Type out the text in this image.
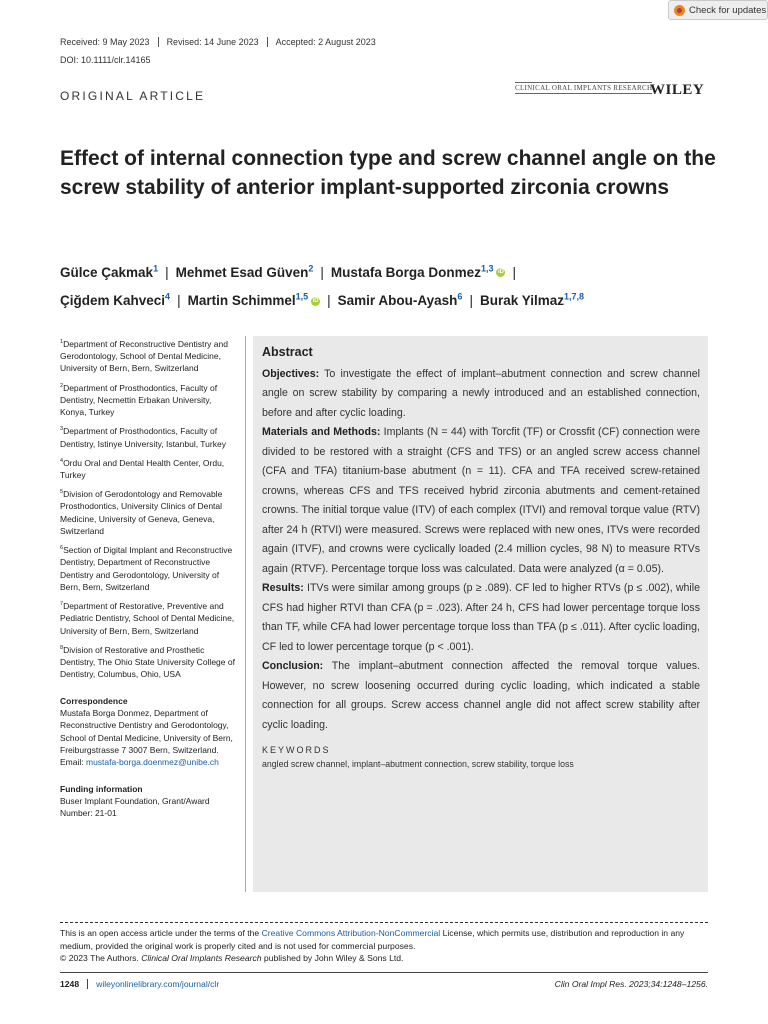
Check for updates
Received: 9 May 2023	Revised: 14 June 2023	Accepted: 2 August 2023
DOI: 10.1111/clr.14165
ORIGINAL ARTICLE
CLINICAL ORAL IMPLANTS RESEARCH
WILEY
Effect of internal connection type and screw channel angle on the screw stability of anterior implant-supported zirconia crowns
Gülce Çakmak$^1$ | Mehmet Esad Güven$^2$ | Mustafa Borga Donmez$^{1,3}$ iD |
Çiğdem Kahveci$^4$ | Martin Schimmel$^{1,5}$ iD | Samir Abou-Ayash$^6$ | Burak Yilmaz$^{1,7,8}$
$^1$Department of Reconstructive Dentistry and Gerodontology, School of Dental Medicine, University of Bern, Bern, Switzerland
$^2$Department of Prosthodontics, Faculty of Dentistry, Necmettin Erbakan University, Konya, Turkey
$^3$Department of Prosthodontics, Faculty of Dentistry, Istinye University, Istanbul, Turkey
$^4$Ordu Oral and Dental Health Center, Ordu, Turkey
$^5$Division of Gerodontology and Removable Prosthodontics, University Clinics of Dental Medicine, University of Geneva, Geneva, Switzerland
$^6$Section of Digital Implant and Reconstructive Dentistry, Department of Reconstructive Dentistry and Gerodontology, University of Bern, Bern, Switzerland
$^7$Department of Restorative, Preventive and Pediatric Dentistry, School of Dental Medicine, University of Bern, Bern, Switzerland
$^8$Division of Restorative and Prosthetic Dentistry, The Ohio State University College of Dentistry, Columbus, Ohio, USA
Correspondence
Mustafa Borga Donmez, Department of Reconstructive Dentistry and Gerodontology, School of Dental Medicine, University of Bern, Freiburgstrasse 7 3007 Bern, Switzerland. Email: mustafa-borga.doenmez@unibe.ch
Funding information
Buser Implant Foundation, Grant/Award Number: 21-01
Abstract

Objectives: To investigate the effect of implant–abutment connection and screw channel angle on screw stability by comparing a newly introduced and an established connection, before and after cyclic loading.

Materials and Methods: Implants (N = 44) with Torcfit (TF) or Crossfit (CF) connection were divided to be restored with a straight (CFS and TFS) or an angled screw access channel (CFA and TFA) titanium-base abutment (n = 11). CFA and TFA received screw-retained crowns, whereas CFS and TFS received hybrid zirconia abutments and cement-retained crowns. The initial torque value (ITV) of each complex (ITVI) and removal torque value (RTV) after 24 h (RTVI) were measured. Screws were replaced with new ones, ITVs were recorded again (ITVF), and crowns were cyclically loaded (2.4 million cycles, 98 N) to measure RTVs again (RTVF). Percentage torque loss was calculated. Data were analyzed (α = 0.05).

Results: ITVs were similar among groups (p ≥ .089). CF led to higher RTVs (p ≤ .002), while CFS had higher RTVI than CFA (p = .023). After 24 h, CFS had lower percentage torque loss than TF, while CFA had lower percentage torque loss than TFA (p ≤ .011). After cyclic loading, CF led to lower percentage torque (p < .001).

Conclusion: The implant–abutment connection affected the removal torque values. However, no screw loosening occurred during cyclic loading, which indicated a stable connection for all groups. Screw access channel angle did not affect screw stability after cyclic loading.

KEYWORDS
angled screw channel, implant–abutment connection, screw stability, torque loss
This is an open access article under the terms of the Creative Commons Attribution-NonCommercial License, which permits use, distribution and reproduction in any medium, provided the original work is properly cited and is not used for commercial purposes.
© 2023 The Authors. Clinical Oral Implants Research published by John Wiley & Sons Ltd.
1248	wileyonlinelibrary.com/journal/clr	Clin Oral Impl Res. 2023;34:1248–1256.
